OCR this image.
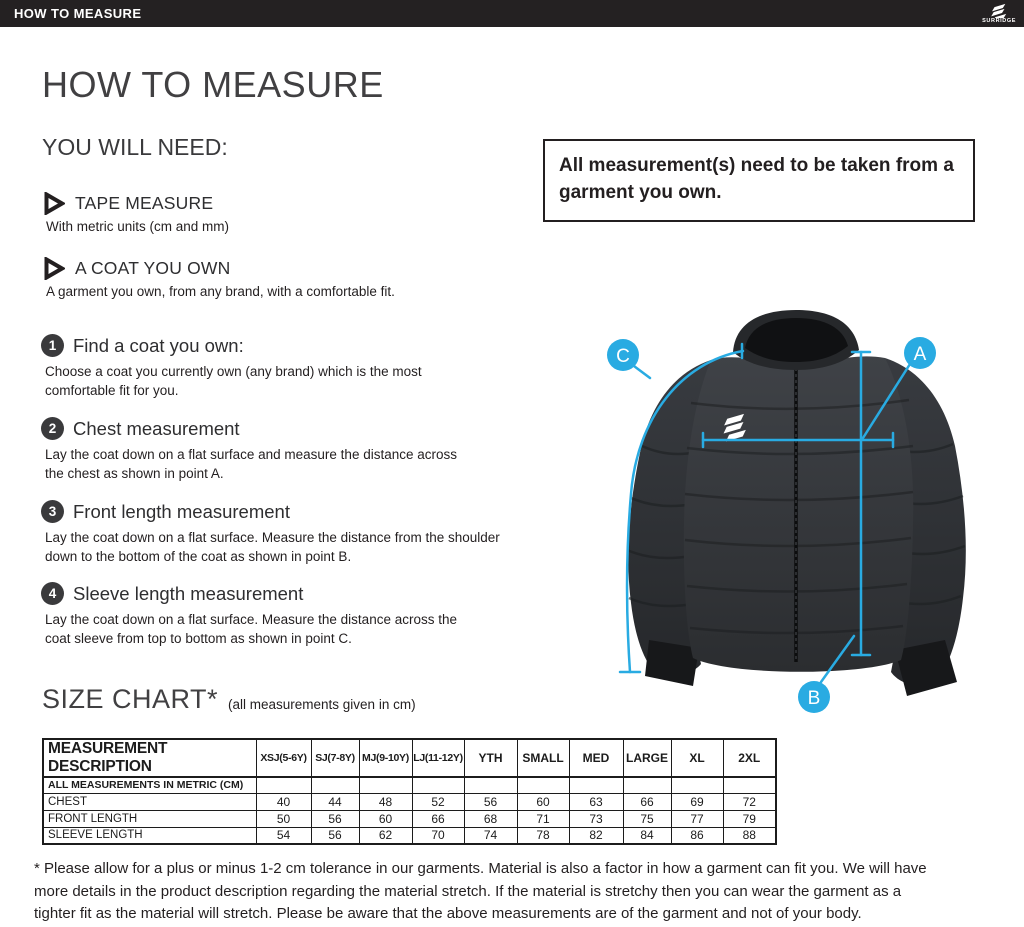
HOW TO MEASURE
SURRIDGE
HOW TO MEASURE
YOU WILL NEED:
All measurement(s) need to be taken from a
garment you own.
TAPE MEASURE
With metric units (cm and mm)
A COAT YOU OWN
A garment you own, from any brand, with a comfortable fit.
1 Find a coat you own:
Choose a coat you currently own (any brand) which is the most
comfortable fit for you.
2 Chest measurement
Lay the coat down on a flat surface and measure the distance across
the chest as shown in point A.
3 Front length measurement
Lay the coat down on a flat surface. Measure the distance from the shoulder
down to the bottom of the coat as shown in point B.
4 Sleeve length measurement
Lay the coat down on a flat surface. Measure the distance across the
coat sleeve from top to bottom as shown in point C.
A
B
C
SIZE CHART* (all measurements given in cm)
MEASUREMENT DESCRIPTION	XSJ(5-6Y)	SJ(7-8Y)	MJ(9-10Y)	LJ(11-12Y)	YTH	SMALL	MED	LARGE	XL	2XL
ALL MEASUREMENTS IN METRIC (CM)										
CHEST	40	44	48	52	56	60	63	66	69	72
FRONT LENGTH	50	56	60	66	68	71	73	75	77	79
SLEEVE LENGTH	54	56	62	70	74	78	82	84	86	88
* Please allow for a plus or minus 1-2 cm tolerance in our garments. Material is also a factor in how a garment can fit you. We will have
more details in the product description regarding the material stretch. If the material is stretchy then you can wear the garment as a
tighter fit as the material will stretch. Please be aware that the above measurements are of the garment and not of your body.
